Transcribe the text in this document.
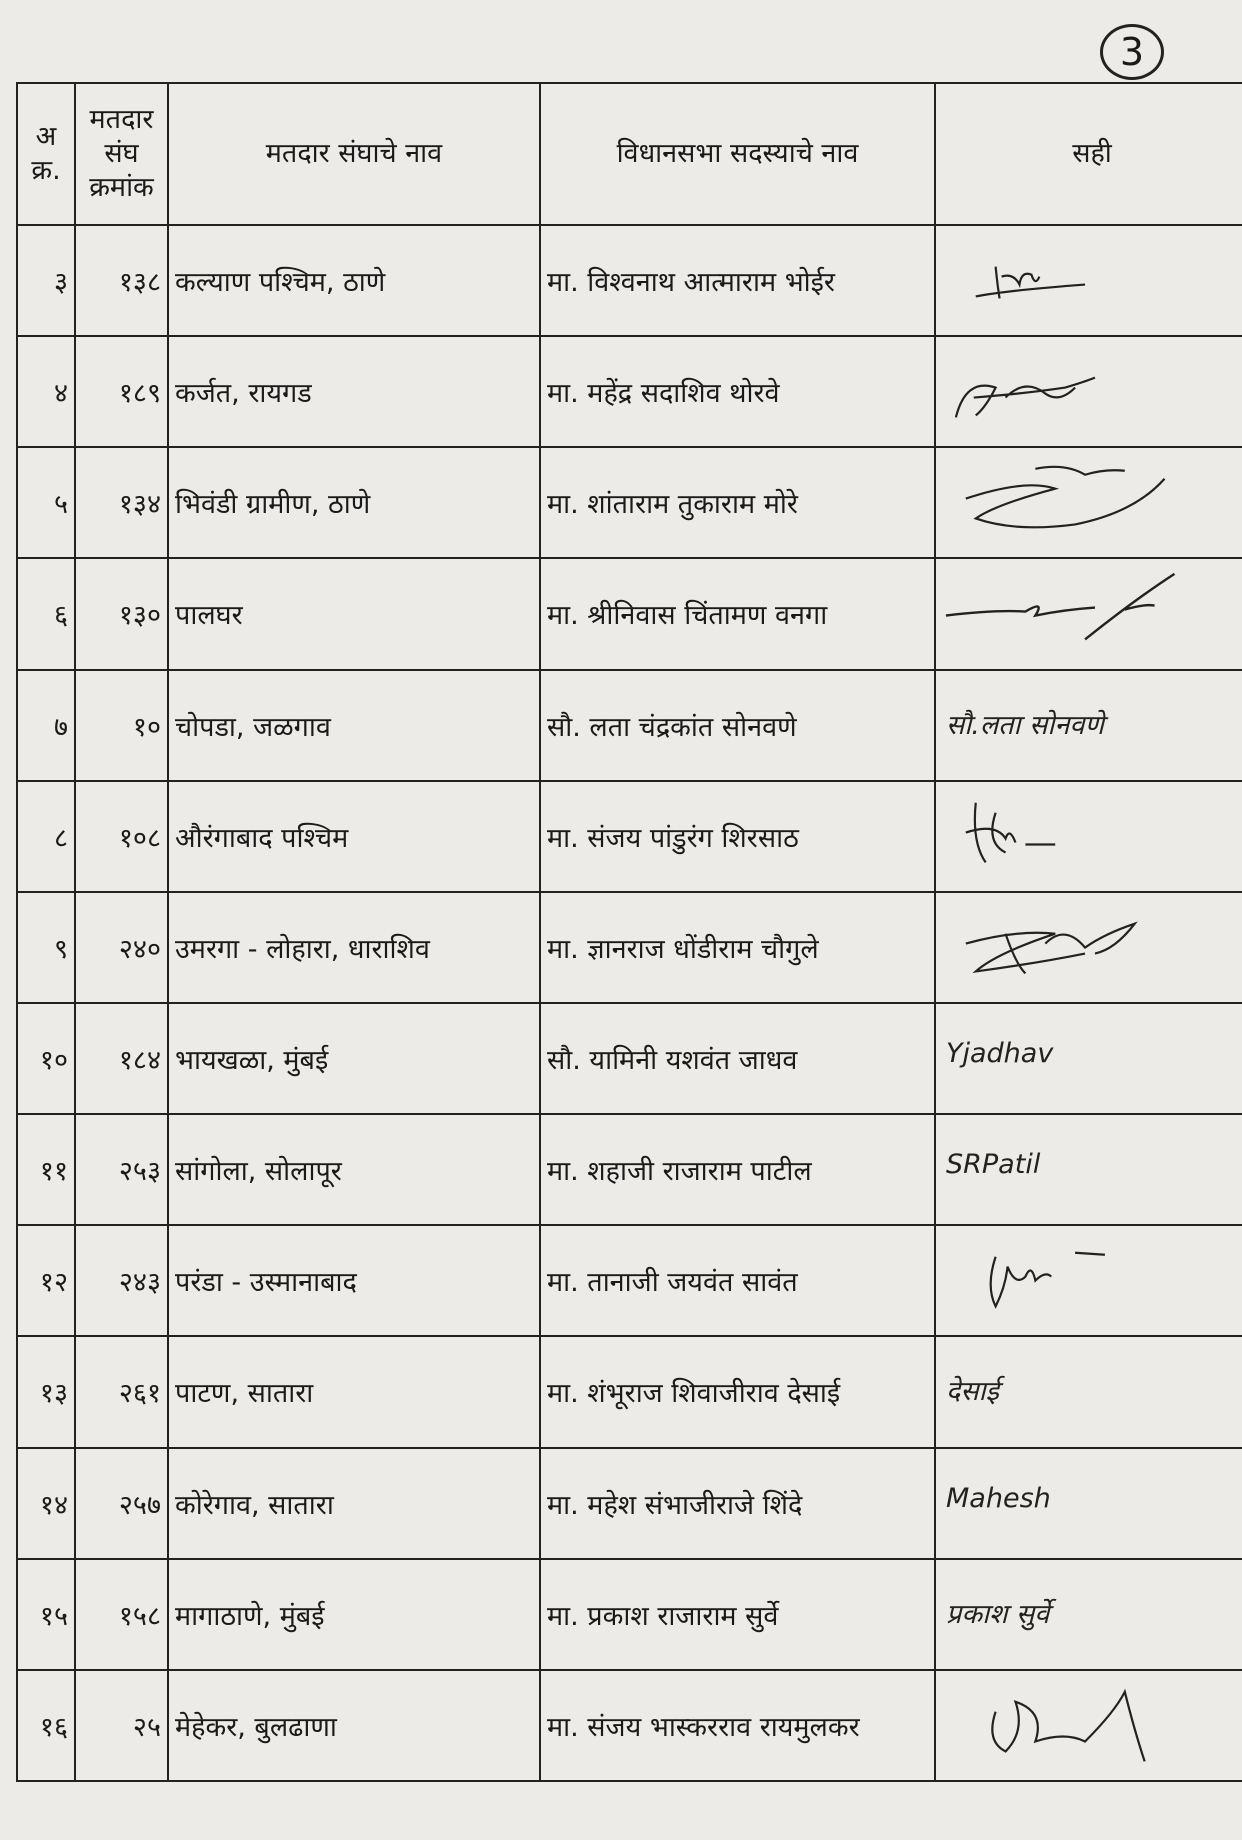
3
अ क्र.	मतदार संघ क्रमांक	मतदार संघाचे नाव	विधानसभा सदस्याचे नाव	सही
३	१३८	कल्याण पश्चिम, ठाणे	मा. विश्वनाथ आत्माराम भोईर	

४	१८९	कर्जत, रायगड	मा. महेंद्र सदाशिव थोरवे	

५	१३४	भिवंडी ग्रामीण, ठाणे	मा. शांताराम तुकाराम मोरे	

६	१३०	पालघर	मा. श्रीनिवास चिंतामण वनगा	

७	१०	चोपडा, जळगाव	सौ. लता चंद्रकांत सोनवणे	सौ.लता सोनवणे

८	१०८	औरंगाबाद पश्चिम	मा. संजय पांडुरंग शिरसाठ	

९	२४०	उमरगा - लोहारा, धाराशिव	मा. ज्ञानराज धोंडीराम चौगुले	

१०	१८४	भायखळा, मुंबई	सौ. यामिनी यशवंत जाधव	Yjadhav

११	२५३	सांगोला, सोलापूर	मा. शहाजी राजाराम पाटील	SRPatil

१२	२४३	परंडा - उस्मानाबाद	मा. तानाजी जयवंत सावंत	

१३	२६१	पाटण, सातारा	मा. शंभूराज शिवाजीराव देसाई	देसाई

१४	२५७	कोरेगाव, सातारा	मा. महेश संभाजीराजे शिंदे	Mahesh

१५	१५८	मागाठाणे, मुंबई	मा. प्रकाश राजाराम सुर्वे	प्रकाश सुर्वे

१६	२५	मेहेकर, बुलढाणा	मा. संजय भास्करराव रायमुलकर	
